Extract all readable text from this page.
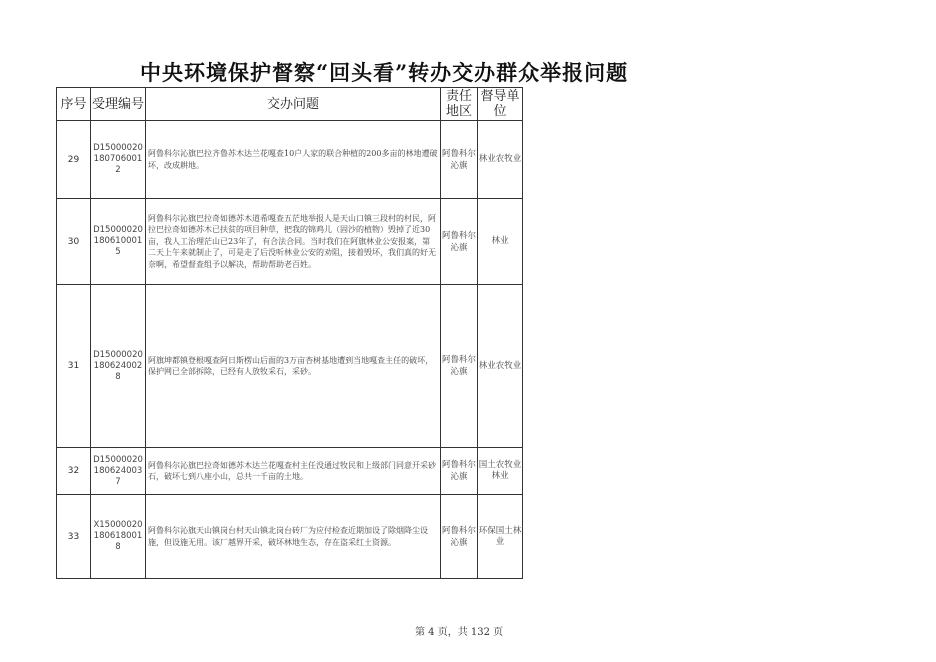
中央环境保护督察“回头看”转办交办群众举报问题
序号	受理编号	交办问题	责任地区	督导单位
29	D150000201807060012	阿鲁科尔沁旗巴拉齐鲁苏木达兰花嘎查10户人家的联合种植的200多亩的林地遭破坏，改成耕地。	阿鲁科尔沁旗	林业农牧业
30	D150000201806100015	阿鲁科尔沁旗巴拉奇如德苏木道希嘎查五茫地举报人是天山口镇三段村的村民，阿拉巴拉奇如德苏木已扶贫的项目种草，把我的锦鸡儿（固沙的植物）毁掉了近30亩，我人工治理茫山已23年了，有合法合同。当时我们在阿旗林业公安报案，第二天上午来就制止了，可是走了后没听林业公安的劝阻，接着毁坏，我们真的好无奈啊，希望督查组予以解决，帮助帮助老百姓。	阿鲁科尔沁旗	林业
31	D150000201806240028	阿旗坤都镇登根嘎查阿日斯楞山后面的3万亩杏树基地遭到当地嘎查主任的破坏，保护网已全部拆除，已经有人放牧采石，采砂。	阿鲁科尔沁旗	林业农牧业
32	D150000201806240037	阿鲁科尔沁旗巴拉奇如德苏木达兰花嘎查村主任没通过牧民和上级部门同意开采砂石，破坏七到八座小山，总共一千亩的土地。	阿鲁科尔沁旗	国土农牧业林业
33	X150000201806180018	阿鲁科尔沁旗天山镇岗台村天山镇北岗台砖厂为应付检查近期加设了除烟降尘设施，但设施无用。该厂越界开采，破坏林地生态，存在盗采红土资源。	阿鲁科尔沁旗	环保国土林业
第 4 页，共 132 页
